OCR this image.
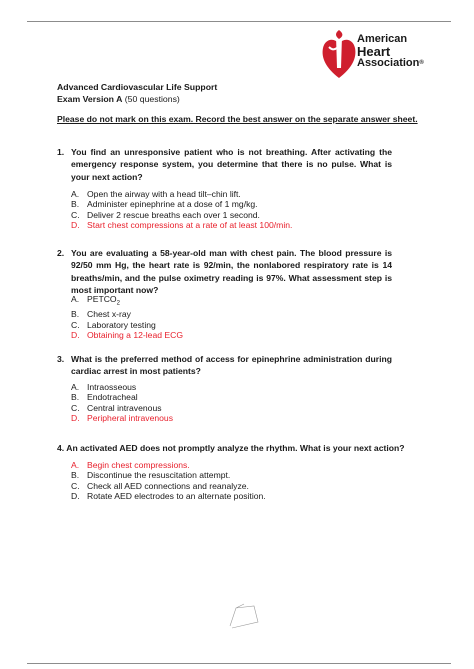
American
Heart
Association®
Advanced Cardiovascular Life Support
Exam Version A (50 questions)
Please do not mark on this exam. Record the best answer on the separate answer sheet.
1. You find an unresponsive patient who is not breathing. After activating the emergency response system, you determine that there is no pulse. What is your next action?
A. Open the airway with a head tilt–chin lift.
B. Administer epinephrine at a dose of 1 mg/kg.
C. Deliver 2 rescue breaths each over 1 second.
D. Start chest compressions at a rate of at least 100/min.
2. You are evaluating a 58-year-old man with chest pain. The blood pressure is 92/50 mm Hg, the heart rate is 92/min, the nonlabored respiratory rate is 14 breaths/min, and the pulse oximetry reading is 97%. What assessment step is most important now?
A. $PETCO_2$
B. Chest x-ray
C. Laboratory testing
D. Obtaining a 12-lead ECG
3. What is the preferred method of access for epinephrine administration during cardiac arrest in most patients?
A. Intraosseous
B. Endotracheal
C. Central intravenous
D. Peripheral intravenous
4. An activated AED does not promptly analyze the rhythm. What is your next action?
A. Begin chest compressions.
B. Discontinue the resuscitation attempt.
C. Check all AED connections and reanalyze.
D. Rotate AED electrodes to an alternate position.
